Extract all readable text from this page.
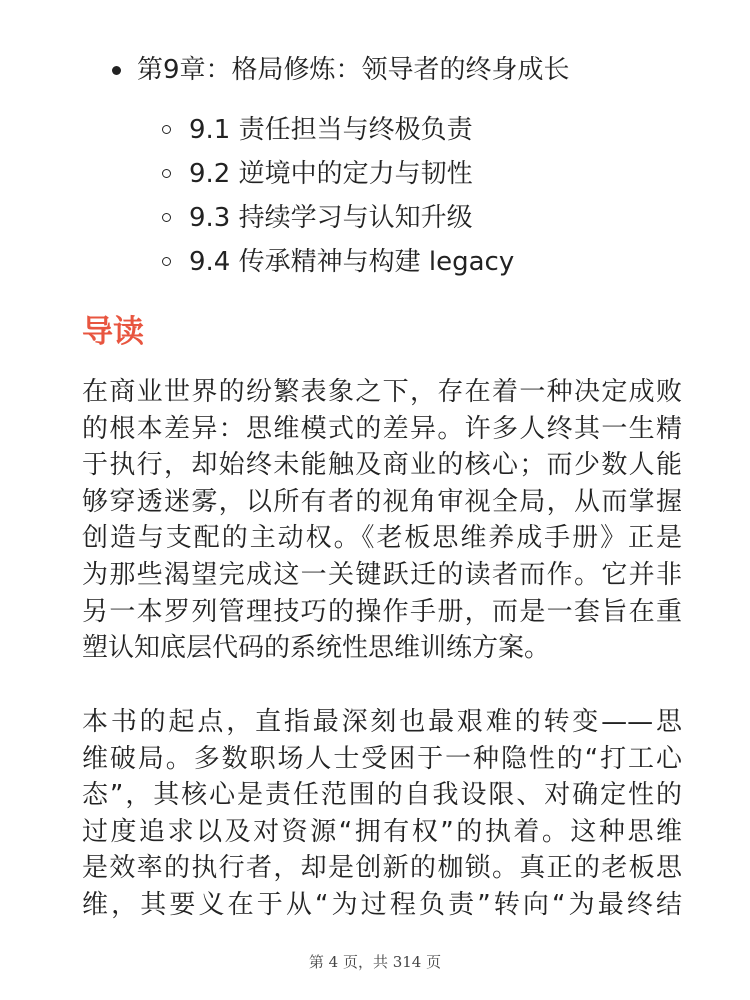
第9章：格局修炼：领导者的终身成长
9.1 责任担当与终极负责
9.2 逆境中的定力与韧性
9.3 持续学习与认知升级
9.4 传承精神与构建 legacy
导读

在商业世界的纷繁表象之下，存在着一种决定成败
的根本差异：思维模式的差异。许多人终其一生精
于执行，却始终未能触及商业的核心；而少数人能
够穿透迷雾，以所有者的视角审视全局，从而掌握
创造与支配的主动权。《老板思维养成手册》正是
为那些渴望完成这一关键跃迁的读者而作。它并非
另一本罗列管理技巧的操作手册，而是一套旨在重
塑认知底层代码的系统性思维训练方案。

本书的起点，直指最深刻也最艰难的转变——思
维破局。多数职场人士受困于一种隐性的“打工心
态”，其核心是责任范围的自我设限、对确定性的
过度追求以及对资源“拥有权”的执着。这种思维
是效率的执行者，却是创新的枷锁。真正的老板思
维，其要义在于从“为过程负责”转向“为最终结

第 4 页，共 314 页
